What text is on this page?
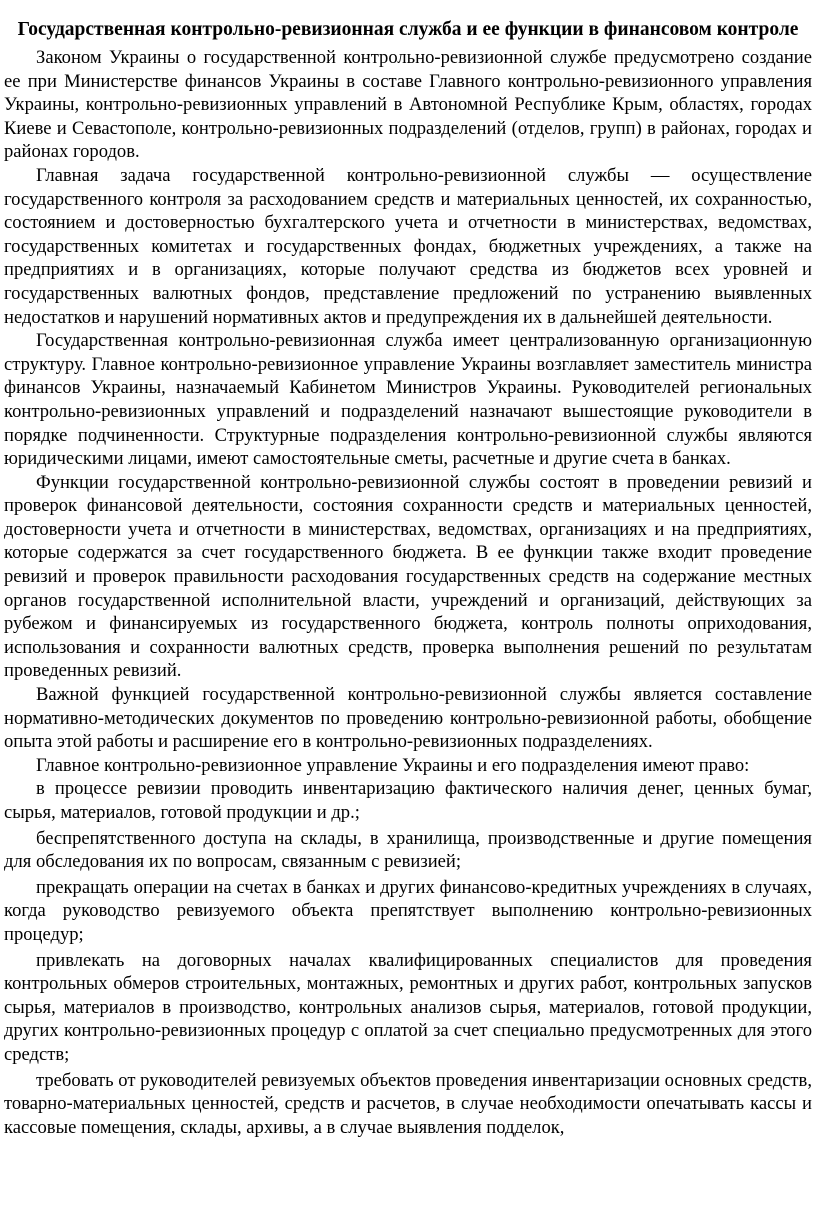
Государственная контрольно-ревизионная служба и ее функции в финансовом контроле

Законом Украины о государственной контрольно-ревизионной службе предусмотрено создание ее при Министерстве финансов Украины в составе Главного контрольно-ревизионного управления Украины, контрольно-ревизионных управлений в Автономной Республике Крым, областях, городах Киеве и Севастополе, контрольно-ревизионных подразделений (отделов, групп) в районах, городах и районах городов.

Главная задача государственной контрольно-ревизионной службы — осуществление государственного контроля за расходованием средств и материальных ценностей, их сохранностью, состоянием и достоверностью бухгалтерского учета и отчетности в министерствах, ведомствах, государственных комитетах и государственных фондах, бюджетных учреждениях, а также на предприятиях и в организациях, которые получают средства из бюджетов всех уровней и государственных валютных фондов, представление предложений по устранению выявленных недостатков и нарушений нормативных актов и предупреждения их в дальнейшей деятельности.

Государственная контрольно-ревизионная служба имеет централизованную организационную структуру. Главное контрольно-ревизионное управление Украины возглавляет заместитель министра финансов Украины, назначаемый Кабинетом Министров Украины. Руководителей региональных контрольно-ревизионных управлений и подразделений назначают вышестоящие руководители в порядке подчиненности. Структурные подразделения контрольно-ревизионной службы являются юридическими лицами, имеют самостоятельные сметы, расчетные и другие счета в банках.

Функции государственной контрольно-ревизионной службы состоят в проведении ревизий и проверок финансовой деятельности, состояния сохранности средств и материальных ценностей, достоверности учета и отчетности в министерствах, ведомствах, организациях и на предприятиях, которые содержатся за счет государственного бюджета. В ее функции также входит проведение ревизий и проверок правильности расходования государственных средств на содержание местных органов государственной исполнительной власти, учреждений и организаций, действующих за рубежом и финансируемых из государственного бюджета, контроль полноты оприходования, использования и сохранности валютных средств, проверка выполнения решений по результатам проведенных ревизий.

Важной функцией государственной контрольно-ревизионной службы является составление нормативно-методических документов по проведению контрольно-ревизионной работы, обобщение опыта этой работы и расширение его в контрольно-ревизионных подразделениях.

Главное контрольно-ревизионное управление Украины и его подразделения имеют право:

в процессе ревизии проводить инвентаризацию фактического наличия денег, ценных бумаг, сырья, материалов, готовой продукции и др.;

беспрепятственного доступа на склады, в хранилища, производственные и другие помещения для обследования их по вопросам, связанным с ревизией;

прекращать операции на счетах в банках и других финансово-кредитных учреждениях в случаях, когда руководство ревизуемого объекта препятствует выполнению контрольно-ревизионных процедур;

привлекать на договорных началах квалифицированных специалистов для проведения контрольных обмеров строительных, монтажных, ремонтных и других работ, контрольных запусков сырья, материалов в производство, контрольных анализов сырья, материалов, готовой продукции, других контрольно-ревизионных процедур с оплатой за счет специально предусмотренных для этого средств;

требовать от руководителей ревизуемых объектов проведения инвентаризации основных средств, товарно-материальных ценностей, средств и расчетов, в случае необходимости опечатывать кассы и кассовые помещения, склады, архивы, а в случае выявления подделок,
